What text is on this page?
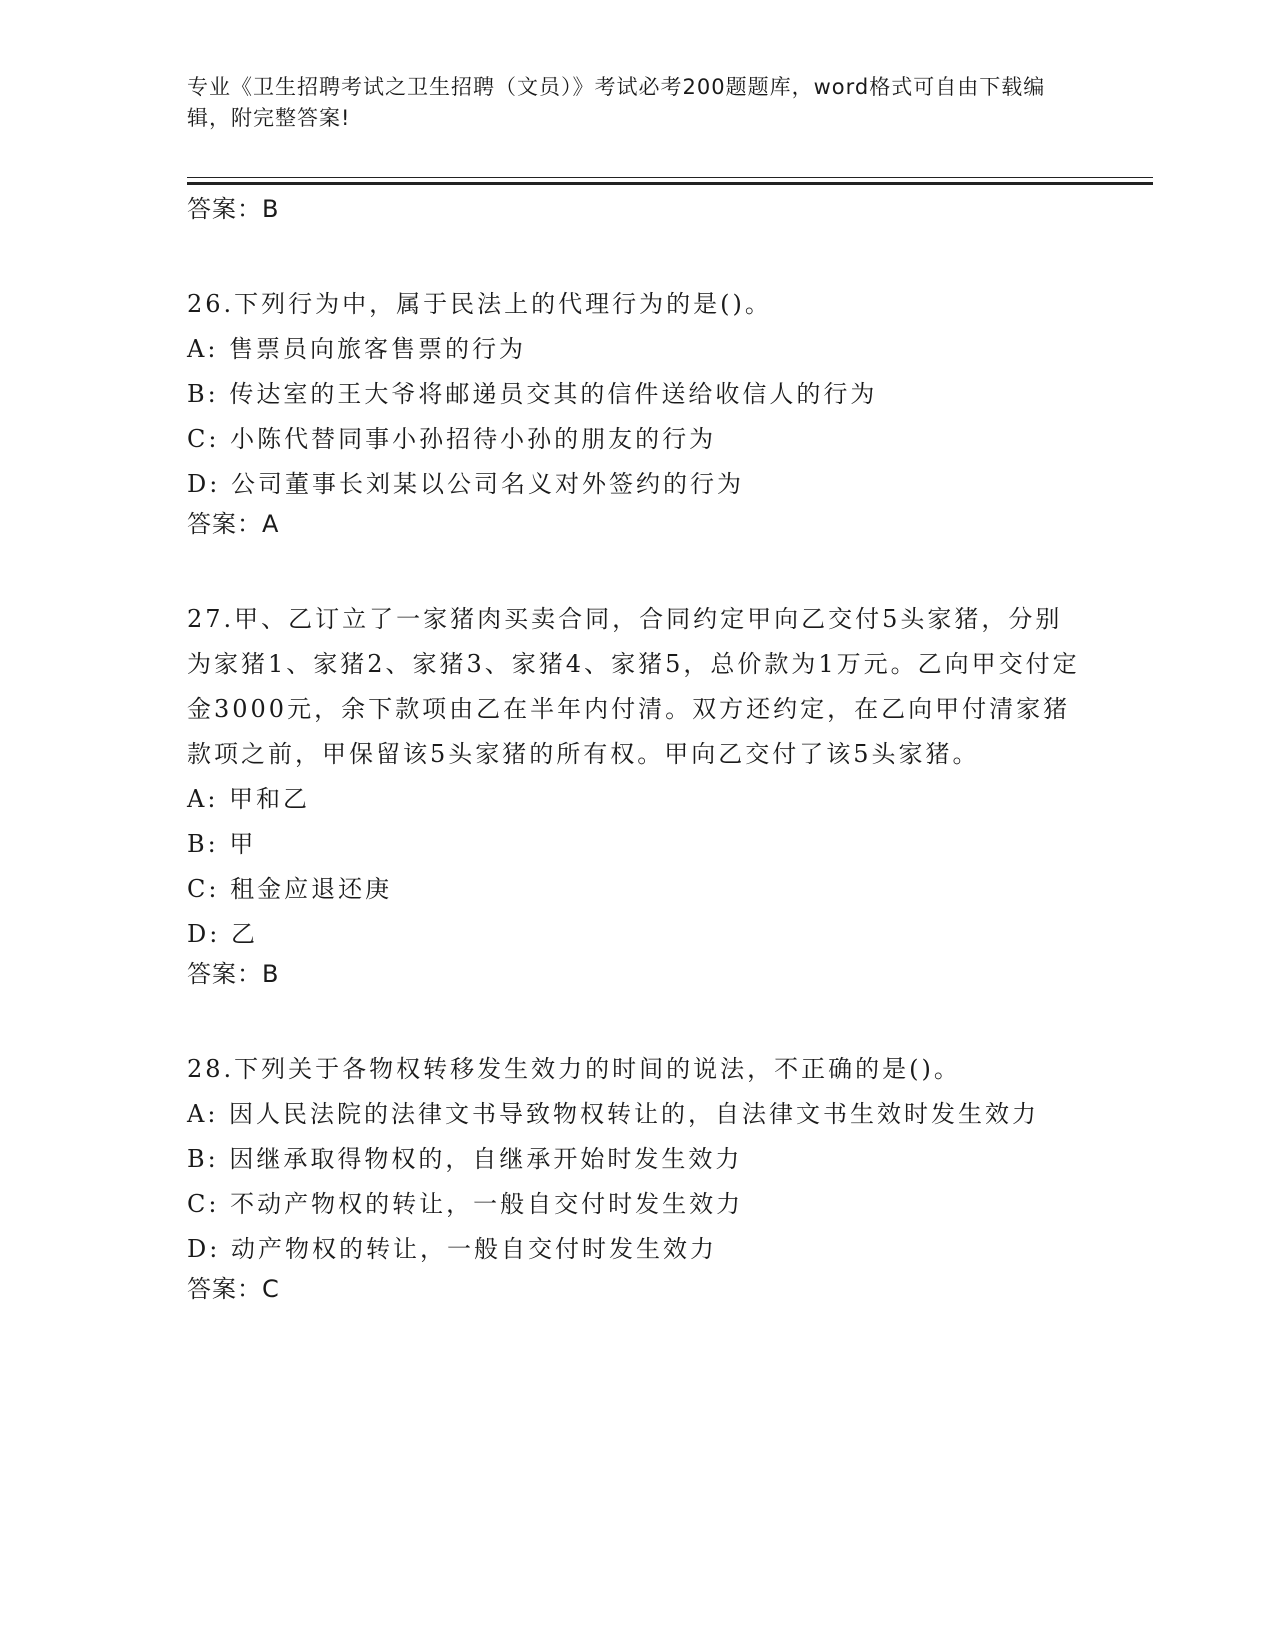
专业《卫生招聘考试之卫生招聘（文员）》考试必考200题题库，word格式可自由下载编辑，附完整答案!
答案：B

26.下列行为中，属于民法上的代理行为的是()。

A: 售票员向旅客售票的行为

B: 传达室的王大爷将邮递员交其的信件送给收信人的行为

C: 小陈代替同事小孙招待小孙的朋友的行为

D: 公司董事长刘某以公司名义对外签约的行为

答案：A

27.甲、乙订立了一家猪肉买卖合同，合同约定甲向乙交付5头家猪，分别为家猪1、家猪2、家猪3、家猪4、家猪5，总价款为1万元。乙向甲交付定金3000元，余下款项由乙在半年内付清。双方还约定，在乙向甲付清家猪款项之前，甲保留该5头家猪的所有权。甲向乙交付了该5头家猪。

A: 甲和乙

B: 甲

C: 租金应退还庚

D: 乙

答案：B

28.下列关于各物权转移发生效力的时间的说法，不正确的是()。

A: 因人民法院的法律文书导致物权转让的，自法律文书生效时发生效力

B: 因继承取得物权的，自继承开始时发生效力

C: 不动产物权的转让，一般自交付时发生效力

D: 动产物权的转让，一般自交付时发生效力

答案：C
